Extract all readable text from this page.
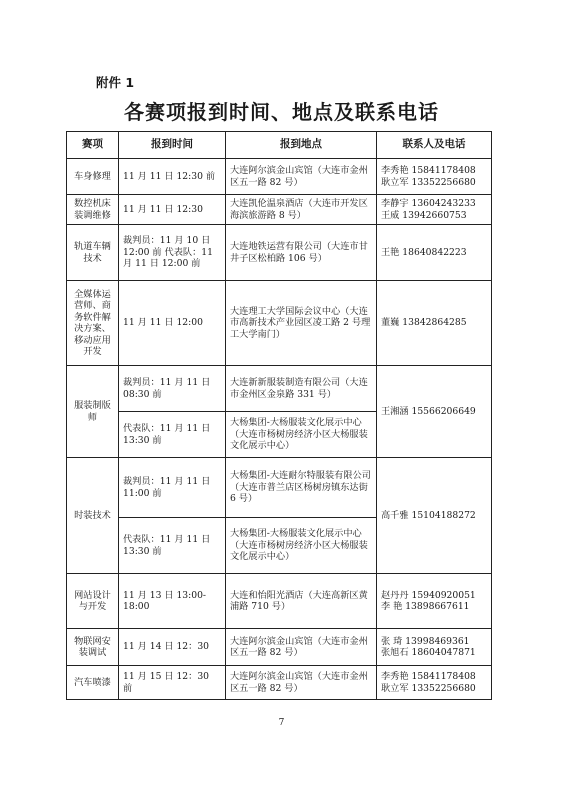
附件 1
各赛项报到时间、地点及联系电话
赛项	报到时间	报到地点	联系人及电话
车身修理	11 月 11 日 12:30 前	大连阿尔滨金山宾馆（大连市金州区五一路 82 号）	李秀艳 15841178408
耿立军 13352256680

数控机床装调维修	11 月 11 日 12:30	大连凯伦温泉酒店（大连市开发区海滨旅游路 8 号）	李静宇 13604243233
王威 13942660753

轨道车辆技术	裁判员：11 月 10 日 12:00 前 代表队：11 月 11 日 12:00 前	大连地铁运营有限公司（大连市甘井子区松柏路 106 号）	王艳 18640842223

全媒体运营师、商务软件解决方案、移动应用开发	11 月 11 日 12:00	大连理工大学国际会议中心（大连市高新技术产业园区凌工路 2 号理工大学南门）	董巍 13842864285

服装制版师	裁判员：11 月 11 日 08:30 前	大连新新服装制造有限公司（大连市金州区金泉路 331 号）	王湘涵 15566206649

	代表队：11 月 11 日 13:30 前	大杨集团-大杨服装文化展示中心（大连市杨树房经济小区大杨服装文化展示中心）	
时装技术	裁判员：11 月 11 日 11:00 前	大杨集团-大连耐尔特服装有限公司（大连市普兰店区杨树房镇东达街 6 号）	高千雅 15104188272

	代表队：11 月 11 日 13:30 前	大杨集团-大杨服装文化展示中心（大连市杨树房经济小区大杨服装文化展示中心）	
网站设计与开发	11 月 13 日 13:00-18:00	大连和怡阳光酒店（大连高新区黄浦路 710 号）	赵丹丹 15940920051
李 艳 13898667611

物联网安装调试	11 月 14 日 12：30	大连阿尔滨金山宾馆（大连市金州区五一路 82 号）	张 琦 13998469361
张旭石 18604047871

汽车喷漆	11 月 15 日 12：30 前	大连阿尔滨金山宾馆（大连市金州区五一路 82 号）	李秀艳 15841178408
耿立军 13352256680
7
